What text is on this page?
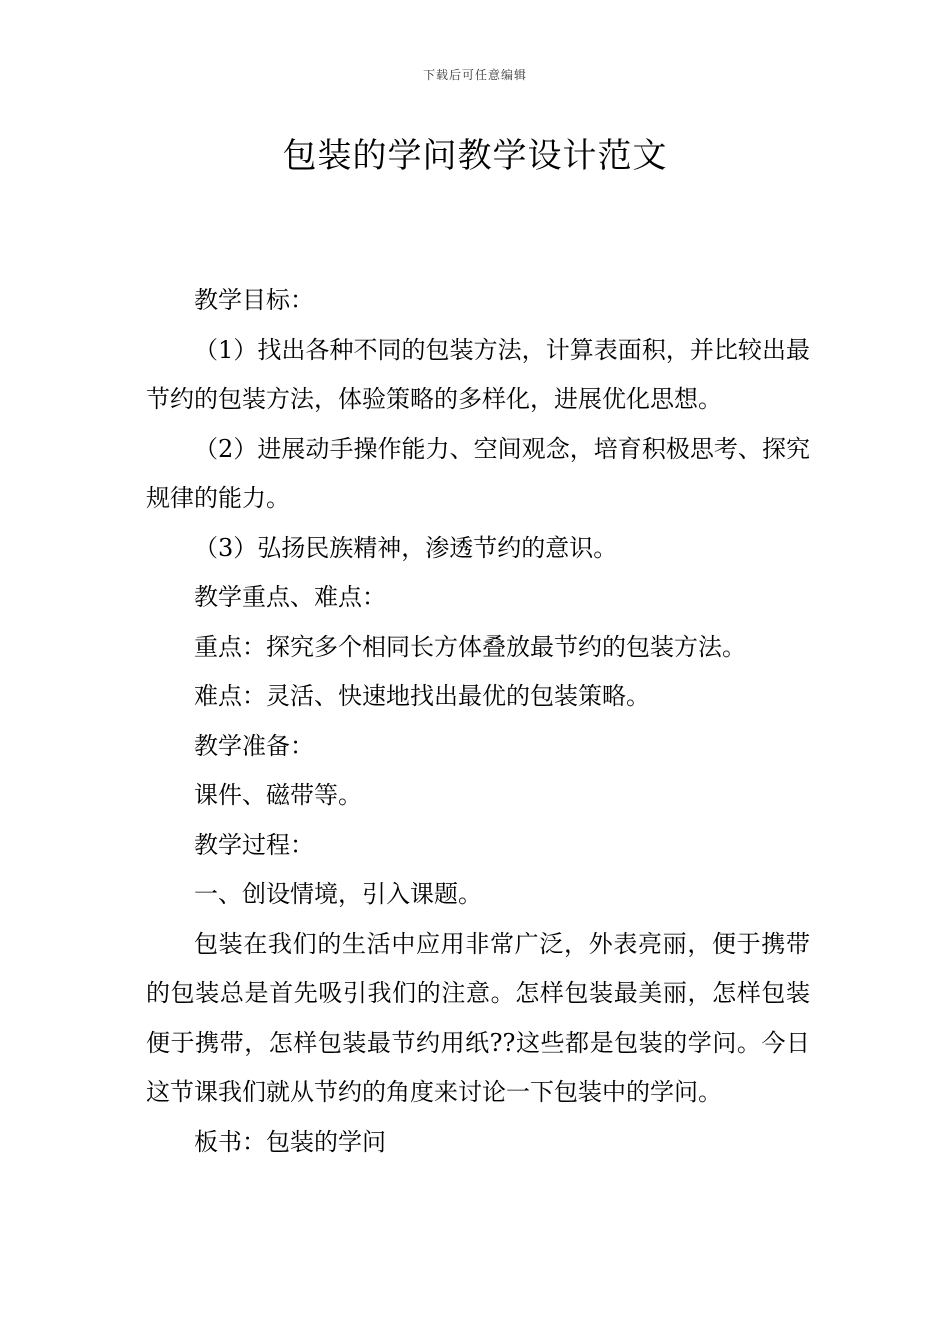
下载后可任意编辑
包装的学问教学设计范文

教学目标：

（1）找出各种不同的包装方法，计算表面积，并比较出最节约的包装方法，体验策略的多样化，进展优化思想。

（2）进展动手操作能力、空间观念，培育积极思考、探究规律的能力。

（3）弘扬民族精神，渗透节约的意识。

教学重点、难点：

重点：探究多个相同长方体叠放最节约的包装方法。

难点：灵活、快速地找出最优的包装策略。

教学准备：

课件、磁带等。

教学过程：

一、创设情境，引入课题。

包装在我们的生活中应用非常广泛，外表亮丽，便于携带的包装总是首先吸引我们的注意。怎样包装最美丽，怎样包装便于携带，怎样包装最节约用纸??这些都是包装的学问。今日这节课我们就从节约的角度来讨论一下包装中的学问。

板书：包装的学问
